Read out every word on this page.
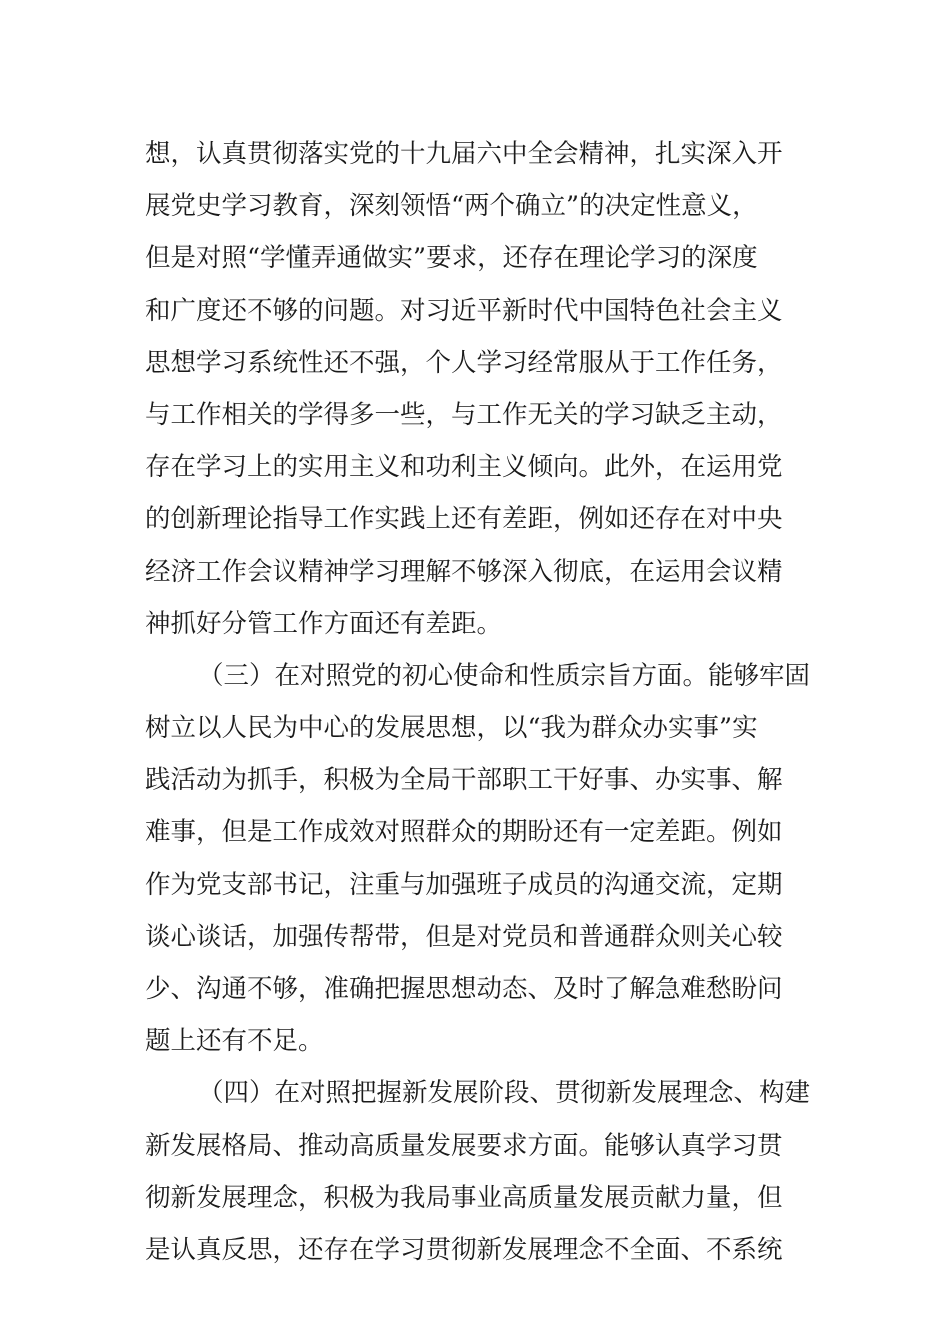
想，认真贯彻落实党的十九届六中全会精神，扎实深入开
展党史学习教育，深刻领悟“两个确立”的决定性意义，
但是对照“学懂弄通做实”要求，还存在理论学习的深度
和广度还不够的问题。对习近平新时代中国特色社会主义
思想学习系统性还不强，个人学习经常服从于工作任务，
与工作相关的学得多一些，与工作无关的学习缺乏主动，
存在学习上的实用主义和功利主义倾向。此外，在运用党
的创新理论指导工作实践上还有差距，例如还存在对中央
经济工作会议精神学习理解不够深入彻底，在运用会议精
神抓好分管工作方面还有差距。
（三）在对照党的初心使命和性质宗旨方面。能够牢固
树立以人民为中心的发展思想，以“我为群众办实事”实
践活动为抓手，积极为全局干部职工干好事、办实事、解
难事，但是工作成效对照群众的期盼还有一定差距。例如
作为党支部书记，注重与加强班子成员的沟通交流，定期
谈心谈话，加强传帮带，但是对党员和普通群众则关心较
少、沟通不够，准确把握思想动态、及时了解急难愁盼问
题上还有不足。
（四）在对照把握新发展阶段、贯彻新发展理念、构建
新发展格局、推动高质量发展要求方面。能够认真学习贯
彻新发展理念，积极为我局事业高质量发展贡献力量，但
是认真反思，还存在学习贯彻新发展理念不全面、不系统
